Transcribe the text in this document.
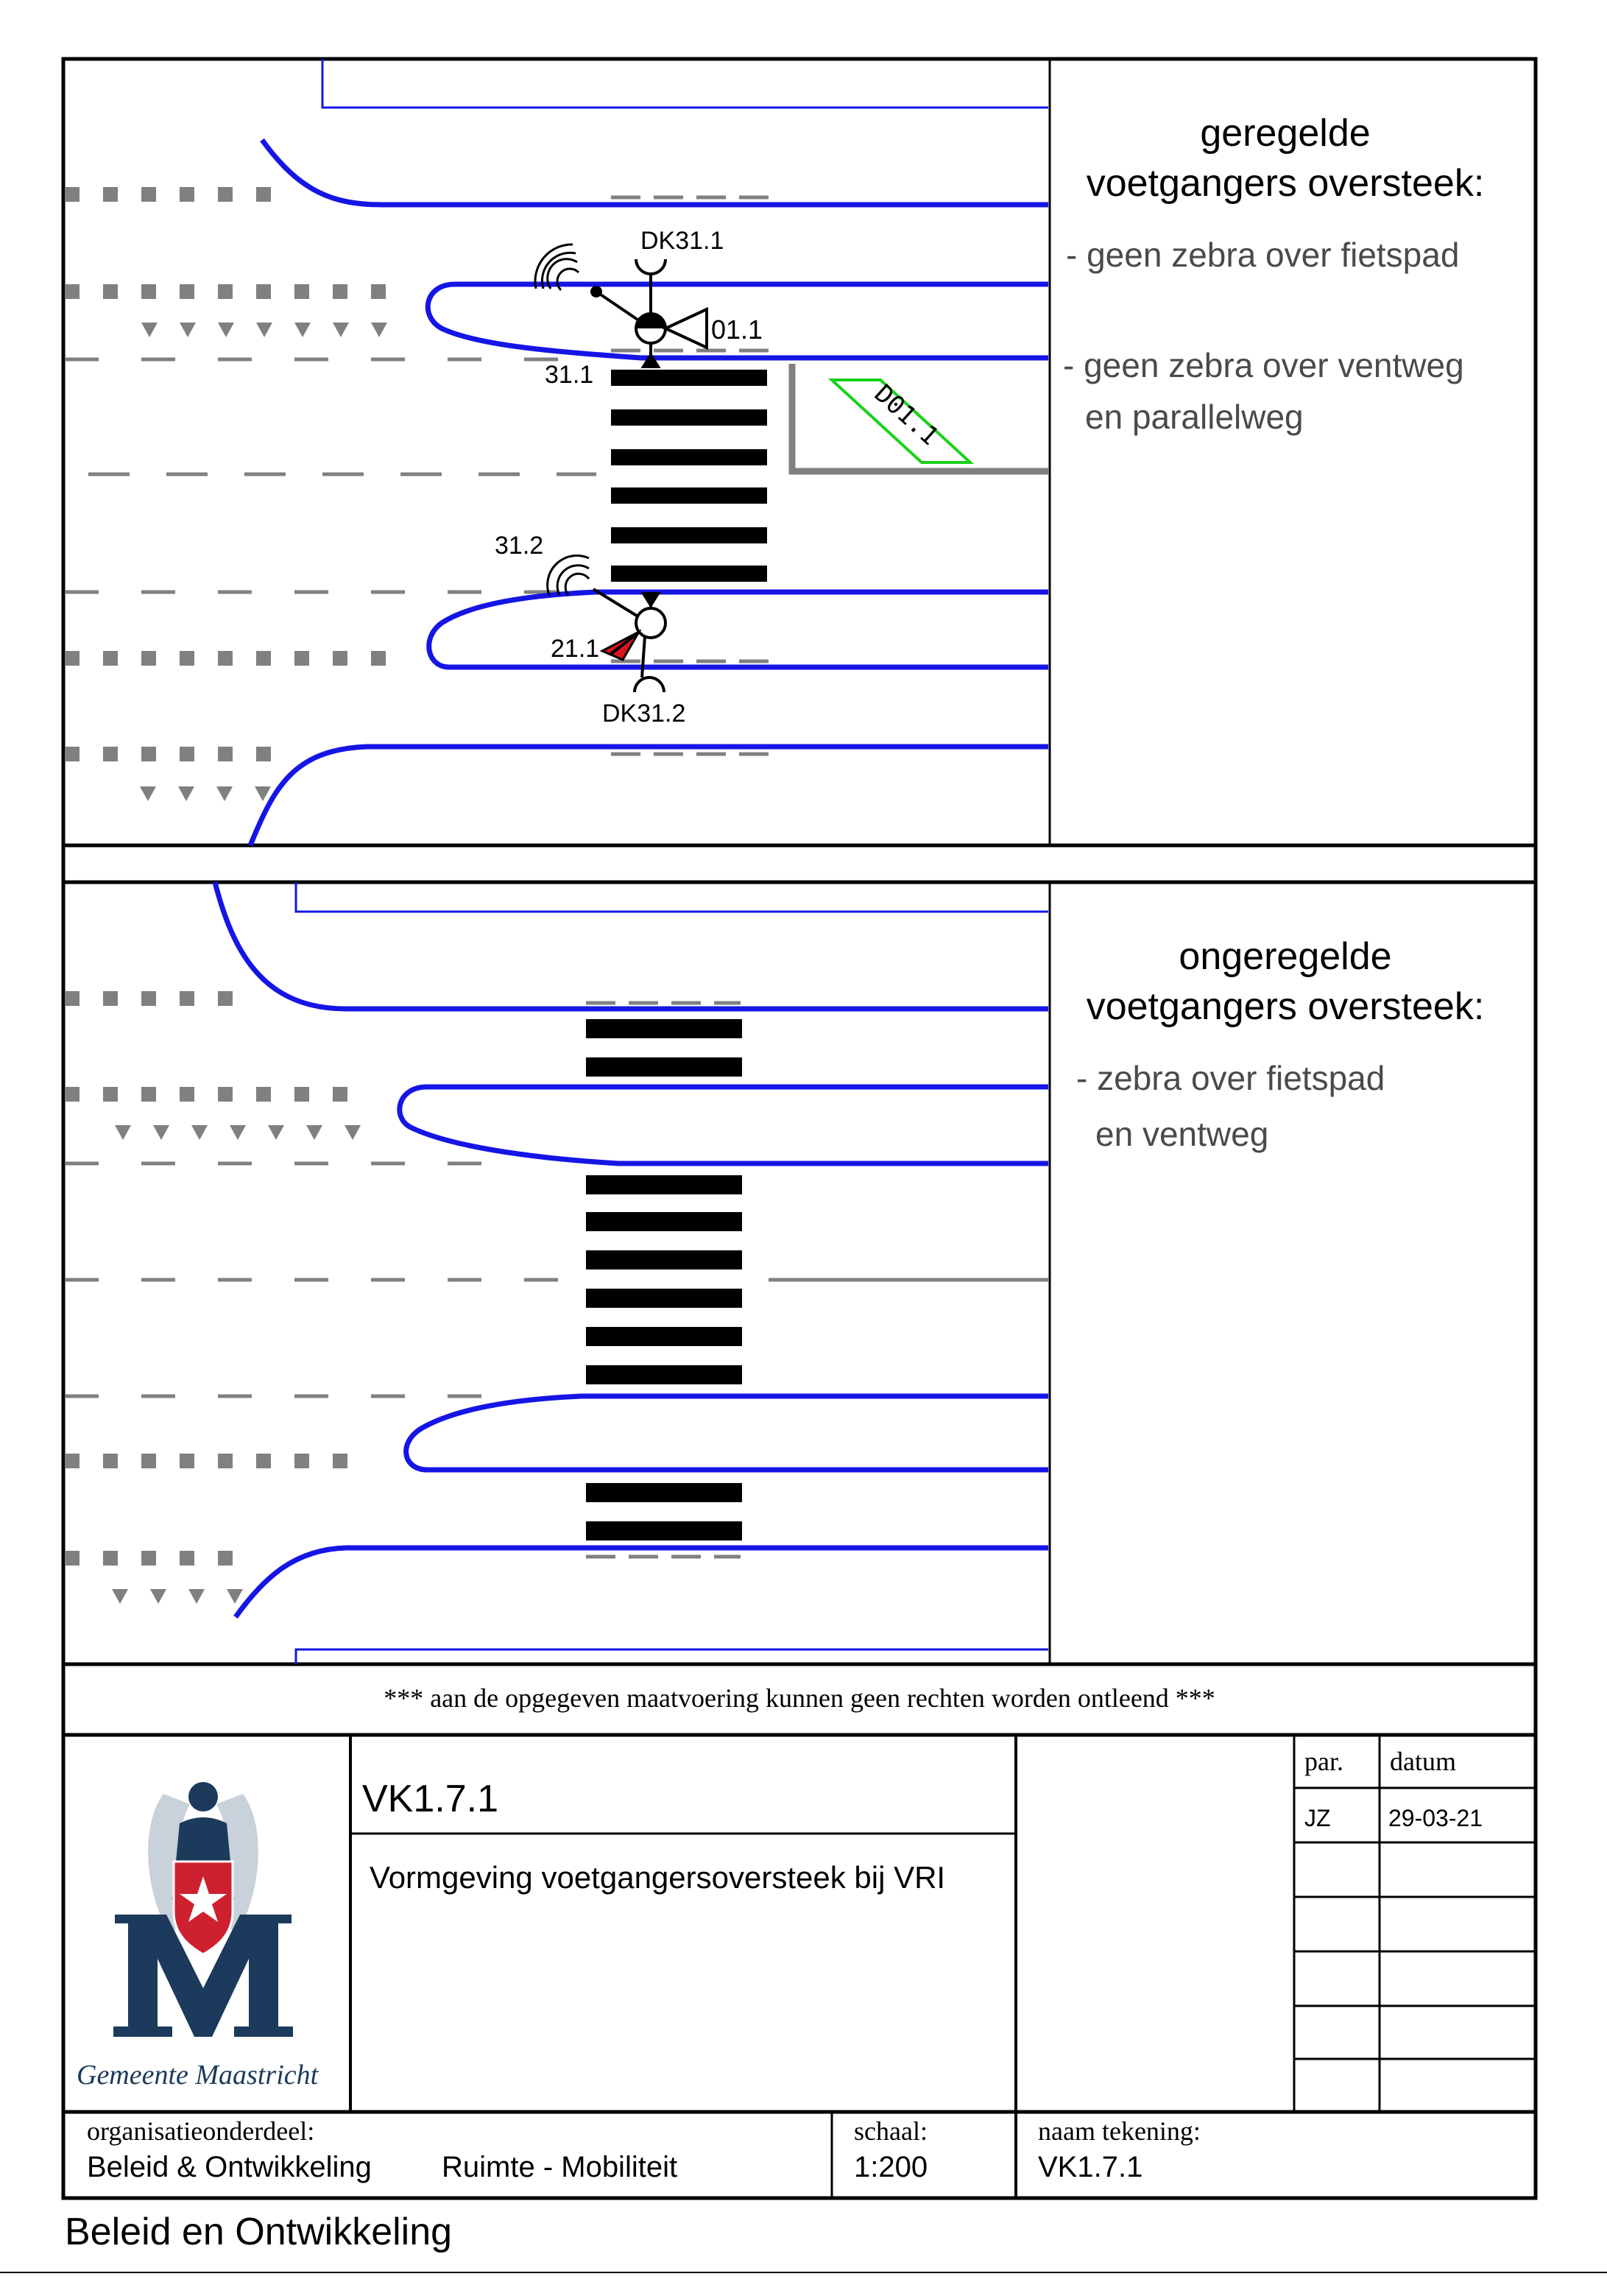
D01.1
DK31.1
01.1
31.1
31.2
21.1
DK31.2
geregelde
voetgangers oversteek:
- geen zebra over fietspad
- geen zebra over ventweg
en parallelweg
ongeregelde
voetgangers oversteek:
- zebra over fietspad
en ventweg
*** aan de opgegeven maatvoering kunnen geen rechten worden ontleend ***
Gemeente Maastricht
VK1.7.1
Vormgeving voetgangersoversteek bij VRI
par. datum
JZ 29-03-21
organisatieonderdeel:
Beleid & Ontwikkeling Ruimte - Mobiliteit
schaal:
1:200
naam tekening:
VK1.7.1
Beleid en Ontwikkeling
